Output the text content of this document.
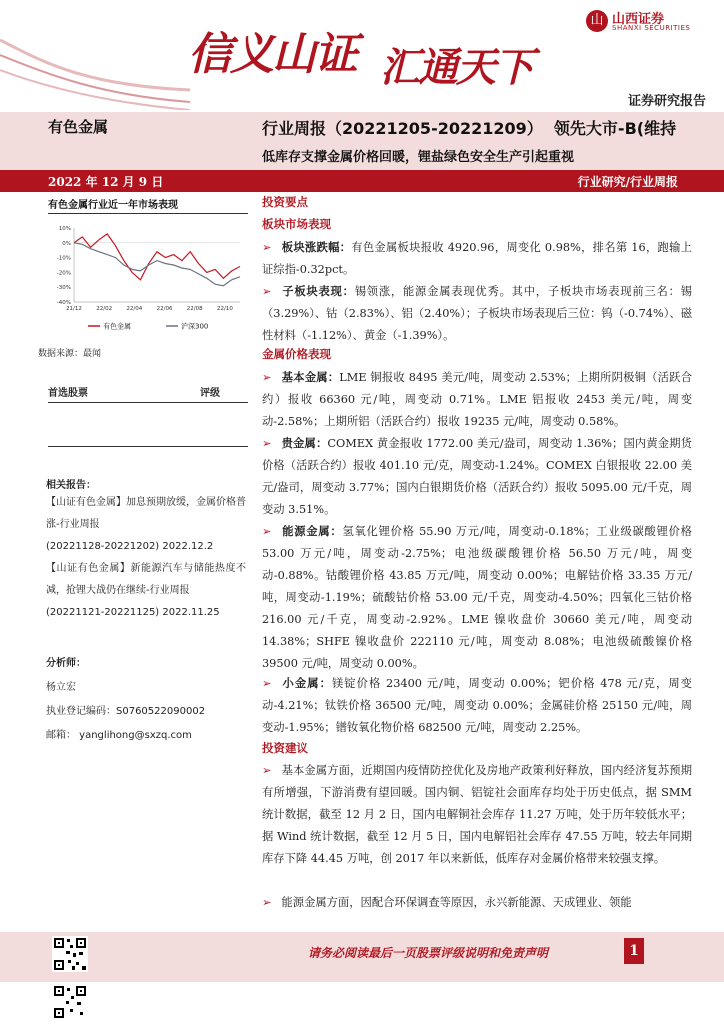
信义山证 汇通天下
山 山西证券
SHANXI SECURITIES
证券研究报告
有色金属	行业周报（20221205-20221209） 领先大市-B(维持
低库存支撑金属价格回暖，锂盐绿色安全生产引起重视
2022 年 12 月 9 日	行业研究/行业周报
有色金属行业近一年市场表现
10%
0%
-10%
-20%
-30%
-40%
21/12	22/02	22/04	22/06	22/08	22/10
有色金属	沪深300
数据来源：最闻
首选股票	评级
相关报告：
【山证有色金属】加息预期放缓，金属价格普涨-行业周报
(20221128-20221202) 2022.12.2
【山证有色金属】新能源汽车与储能热度不减，抢锂大战仍在继续-行业周报
(20221121-20221125) 2022.11.25
分析师：
杨立宏
执业登记编码：S0760522090002
邮箱： yanglihong@sxzq.com
投资要点
板块市场表现
➢ 板块涨跌幅：有色金属板块报收 4920.96，周变化 0.98%，排名第 16，跑输上证综指-0.32pct。
➢ 子板块表现：锡领涨，能源金属表现优秀。其中，子板块市场表现前三名：锡（3.29%）、钴（2.83%）、铝（2.40%）；子板块市场表现后三位：钨（-0.74%）、磁性材料（-1.12%）、黄金（-1.39%）。
金属价格表现
➢ 基本金属：LME 铜报收 8495 美元/吨，周变动 2.53%；上期所阴极铜（活跃合约）报收 66360 元/吨，周变动 0.71%。LME 铝报收 2453 美元/吨，周变动-2.58%；上期所铝（活跃合约）报收 19235 元/吨，周变动 0.58%。
➢ 贵金属：COMEX 黄金报收 1772.00 美元/盎司，周变动 1.36%；国内黄金期货价格（活跃合约）报收 401.10 元/克，周变动-1.24%。COMEX 白银报收 22.00 美元/盎司，周变动 3.77%；国内白银期货价格（活跃合约）报收 5095.00 元/千克，周变动 3.51%。
➢ 能源金属：氢氧化锂价格 55.90 万元/吨，周变动-0.18%；工业级碳酸锂价格 53.00 万元/吨，周变动-2.75%；电池级碳酸锂价格 56.50 万元/吨，周变动-0.88%。钴酸锂价格 43.85 万元/吨，周变动 0.00%；电解钴价格 33.35 万元/吨，周变动-1.19%；硫酸钴价格 53.00 元/千克，周变动-4.50%；四氧化三钴价格 216.00 元/千克，周变动-2.92%。LME 镍收盘价 30660 美元/吨，周变动 14.38%；SHFE 镍收盘价 222110 元/吨，周变动 8.08%；电池级硫酸镍价格 39500 元/吨，周变动 0.00%。
➢ 小金属：镁锭价格 23400 元/吨，周变动 0.00%；钯价格 478 元/克，周变动-4.21%；钛铁价格 36500 元/吨，周变动 0.00%；金属硅价格 25150 元/吨，周变动-1.95%；镨钕氧化物价格 682500 元/吨，周变动 2.25%。
投资建议
➢ 基本金属方面，近期国内疫情防控优化及房地产政策利好释放，国内经济复苏预期有所增强，下游消费有望回暖。国内铜、铝锭社会面库存均处于历史低点，据 SMM 统计数据，截至 12 月 2 日，国内电解铜社会库存 11.27 万吨，处于历年较低水平；据 Wind 统计数据，截至 12 月 5 日，国内电解铝社会库存 47.55 万吨，较去年同期库存下降 44.45 万吨，创 2017 年以来新低，低库存对金属价格带来较强支撑。
➢ 能源金属方面，因配合环保调查等原因，永兴新能源、天成锂业、领能
请务必阅读最后一页股票评级说明和免责声明	1
